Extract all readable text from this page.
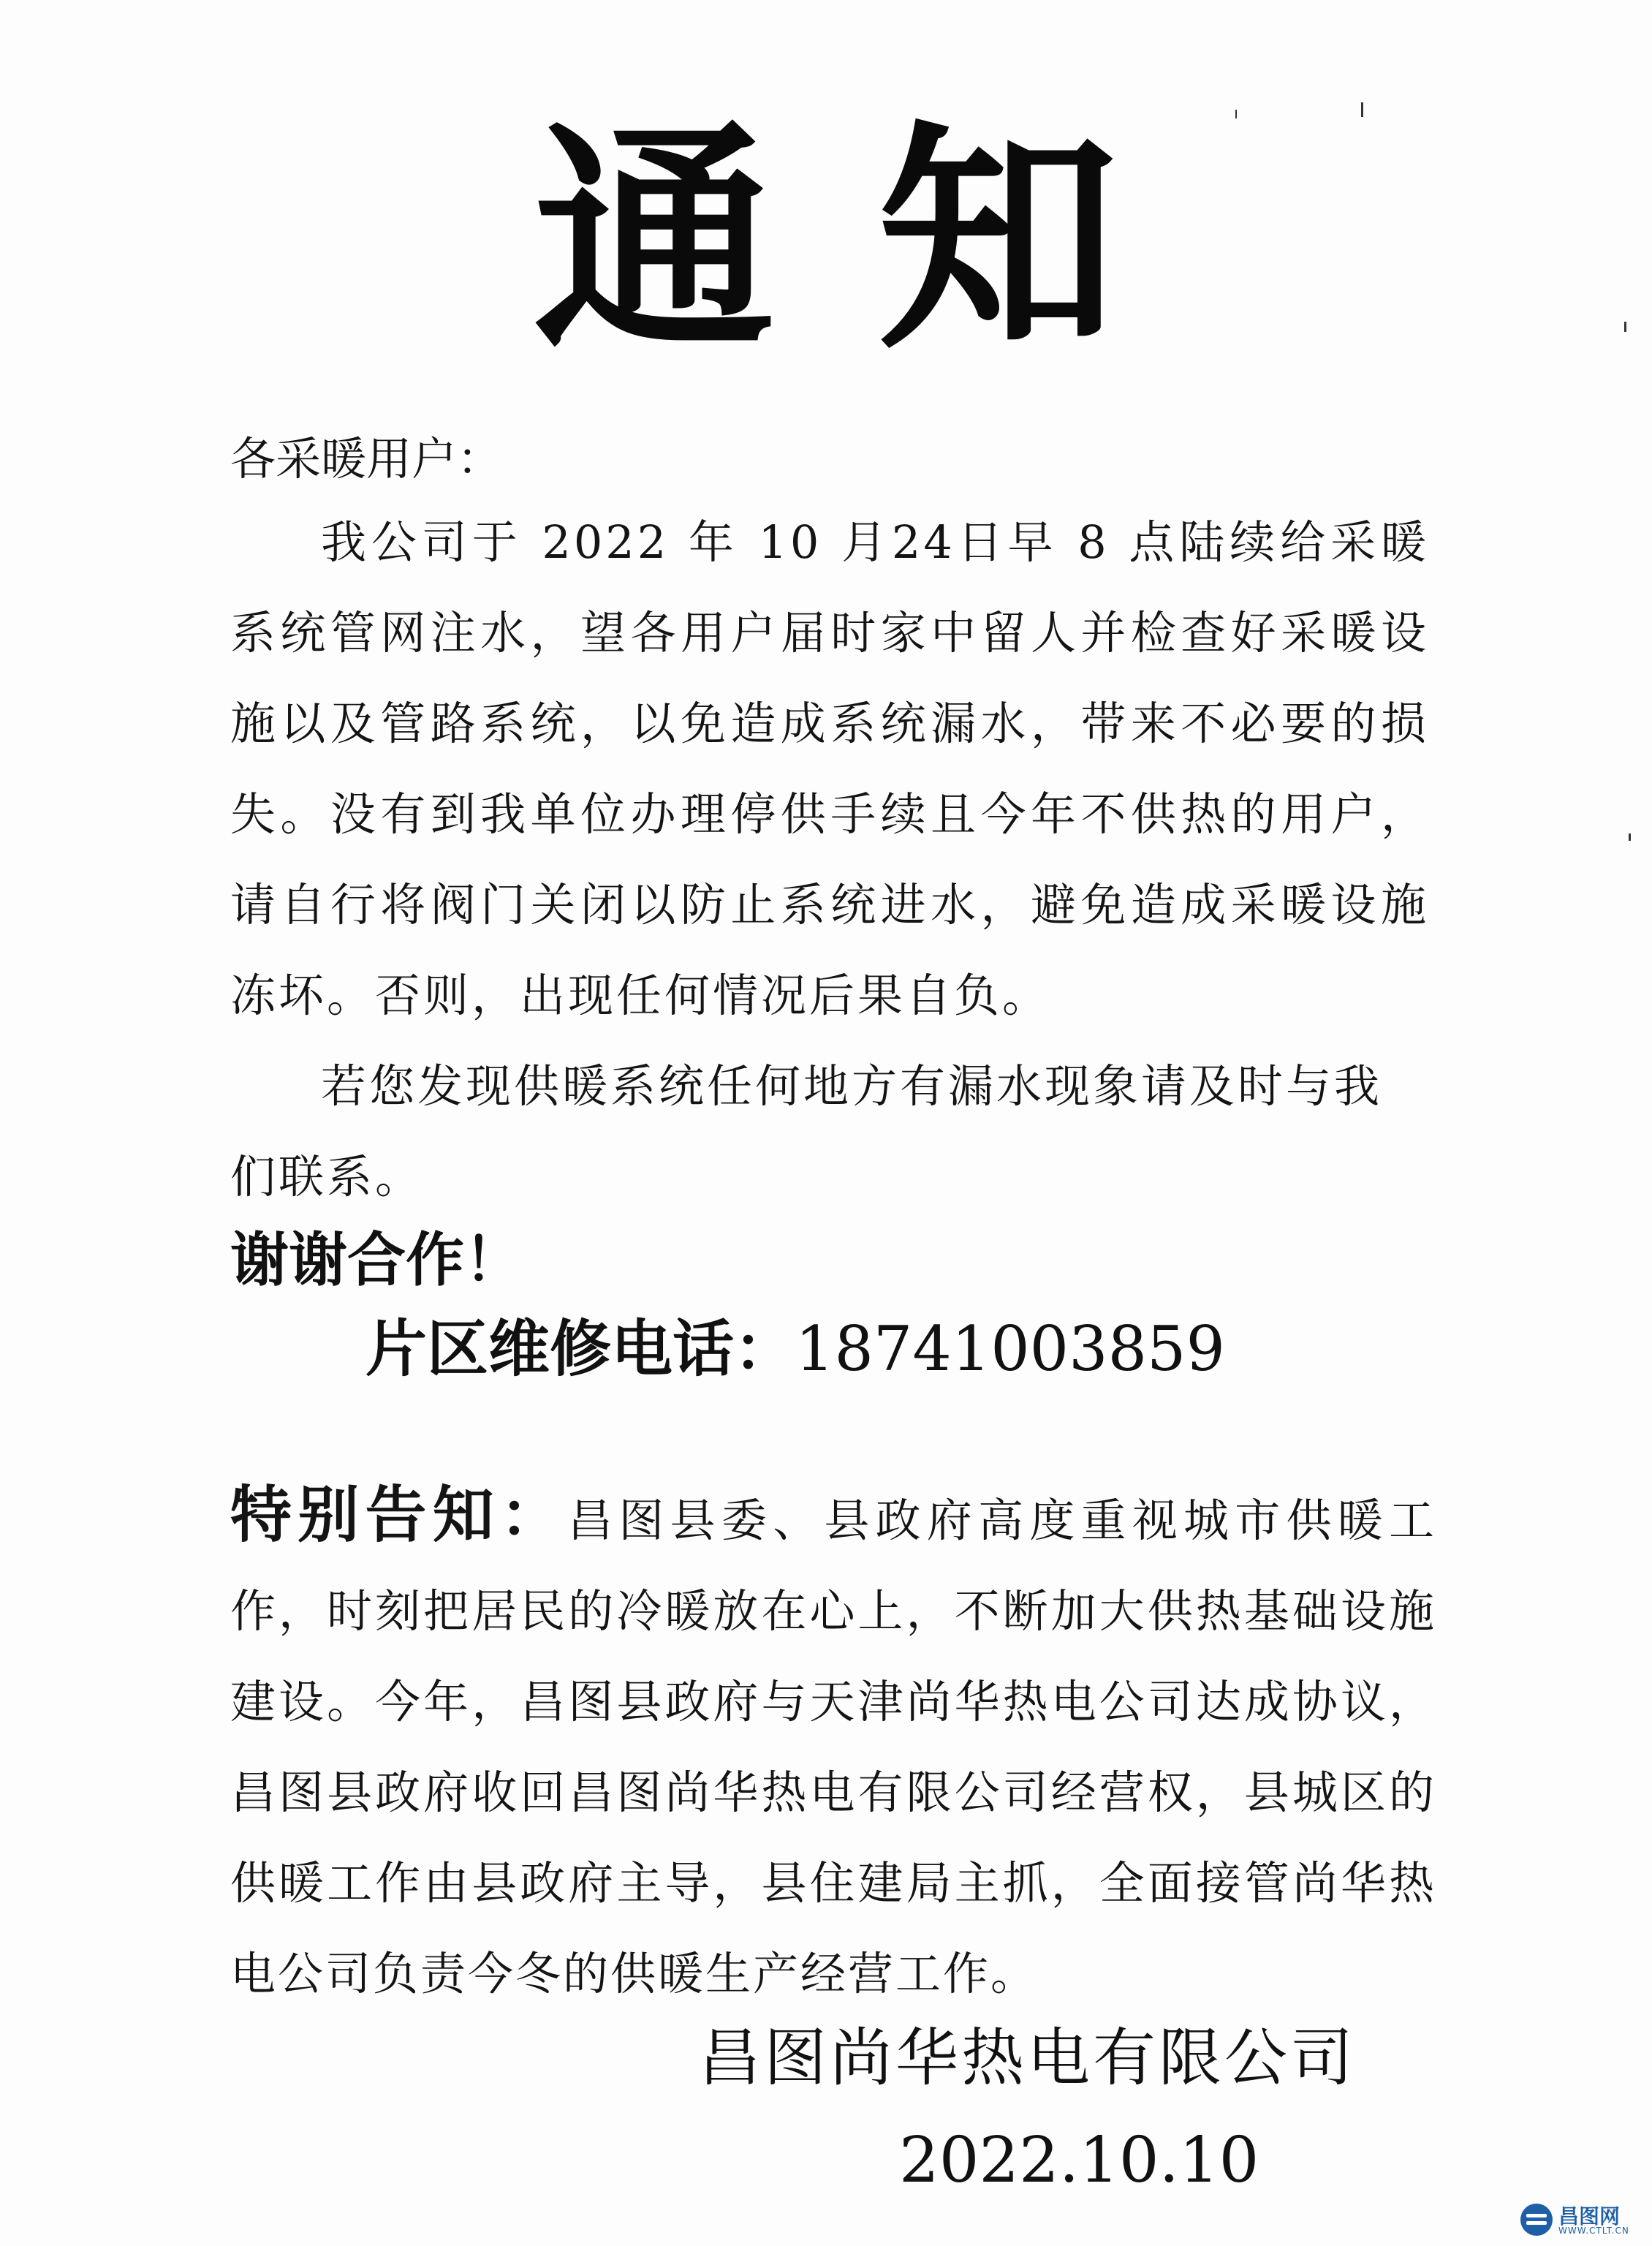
通知
各采暖用户：
我公司于 2022 年 10 月24日早 8 点陆续给采暖系统管网注水，望各用户届时家中留人并检查好采暖设施以及管路系统，以免造成系统漏水，带来不必要的损失。没有到我单位办理停供手续且今年不供热的用户，请自行将阀门关闭以防止系统进水，避免造成采暖设施冻坏。否则，出现任何情况后果自负。
若您发现供暖系统任何地方有漏水现象请及时与我们联系。
谢谢合作！
片区维修电话：18741003859
特别告知：昌图县委、县政府高度重视城市供暖工作，时刻把居民的冷暖放在心上，不断加大供热基础设施建设。今年，昌图县政府与天津尚华热电公司达成协议，昌图县政府收回昌图尚华热电有限公司经营权，县城区的供暖工作由县政府主导，县住建局主抓，全面接管尚华热电公司负责今冬的供暖生产经营工作。
昌图尚华热电有限公司
2022.10.10
昌图网
WWW.CTLT.CN
